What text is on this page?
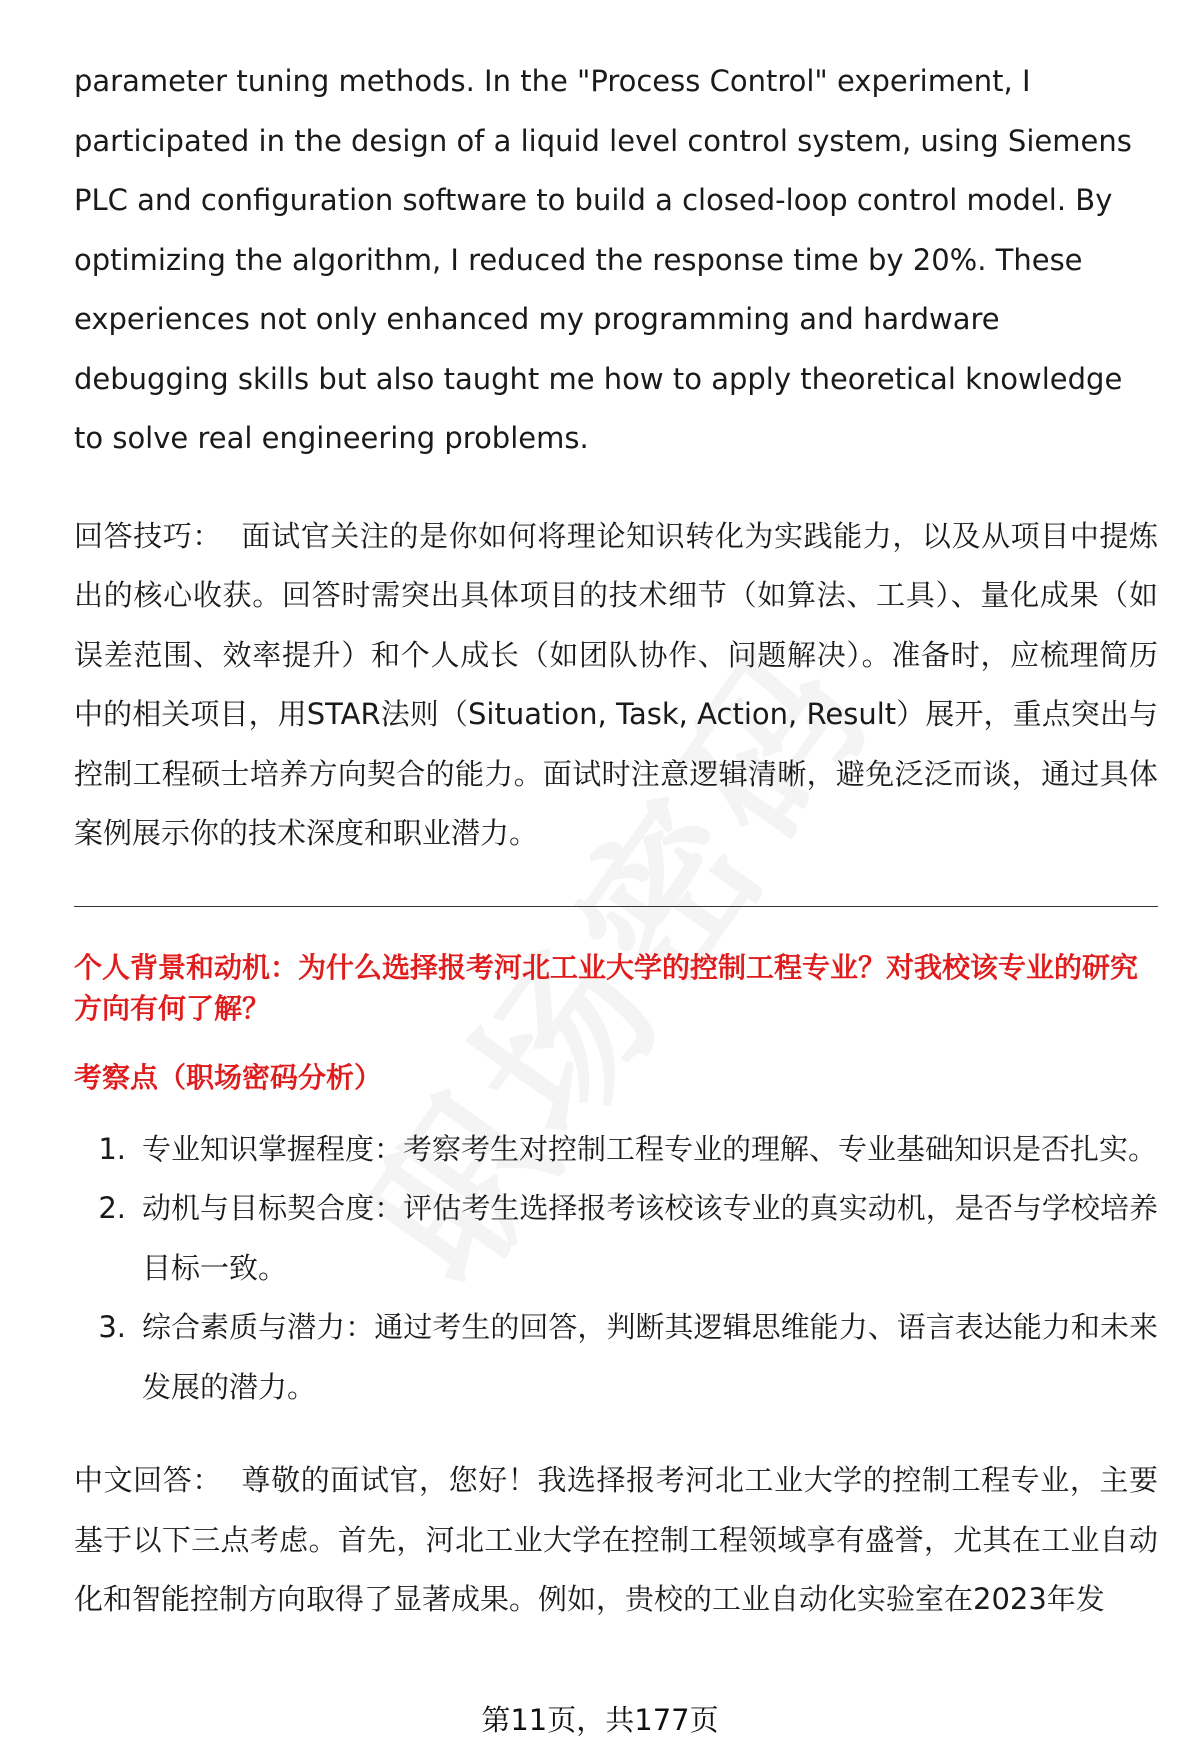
parameter tuning methods. In the "Process Control" experiment, I participated in the design of a liquid level control system, using Siemens PLC and configuration software to build a closed-loop control model. By optimizing the algorithm, I reduced the response time by 20%. These experiences not only enhanced my programming and hardware debugging skills but also taught me how to apply theoretical knowledge to solve real engineering problems.

回答技巧： 面试官关注的是你如何将理论知识转化为实践能力，以及从项目中提炼出的核心收获。回答时需突出具体项目的技术细节（如算法、工具）、量化成果（如误差范围、效率提升）和个人成长（如团队协作、问题解决）。准备时，应梳理简历中的相关项目，用STAR法则（Situation, Task, Action, Result）展开，重点突出与控制工程硕士培养方向契合的能力。面试时注意逻辑清晰，避免泛泛而谈，通过具体案例展示你的技术深度和职业潜力。

个人背景和动机：为什么选择报考河北工业大学的控制工程专业？对我校该专业的研究方向有何了解？
考察点（职场密码分析）
1. 专业知识掌握程度：考察考生对控制工程专业的理解、专业基础知识是否扎实。
2. 动机与目标契合度：评估考生选择报考该校该专业的真实动机，是否与学校培养目标一致。
3. 综合素质与潜力：通过考生的回答，判断其逻辑思维能力、语言表达能力和未来发展的潜力。

中文回答： 尊敬的面试官，您好！我选择报考河北工业大学的控制工程专业，主要基于以下三点考虑。首先，河北工业大学在控制工程领域享有盛誉，尤其在工业自动化和智能控制方向取得了显著成果。例如，贵校的工业自动化实验室在2023年发

第11页，共177页
